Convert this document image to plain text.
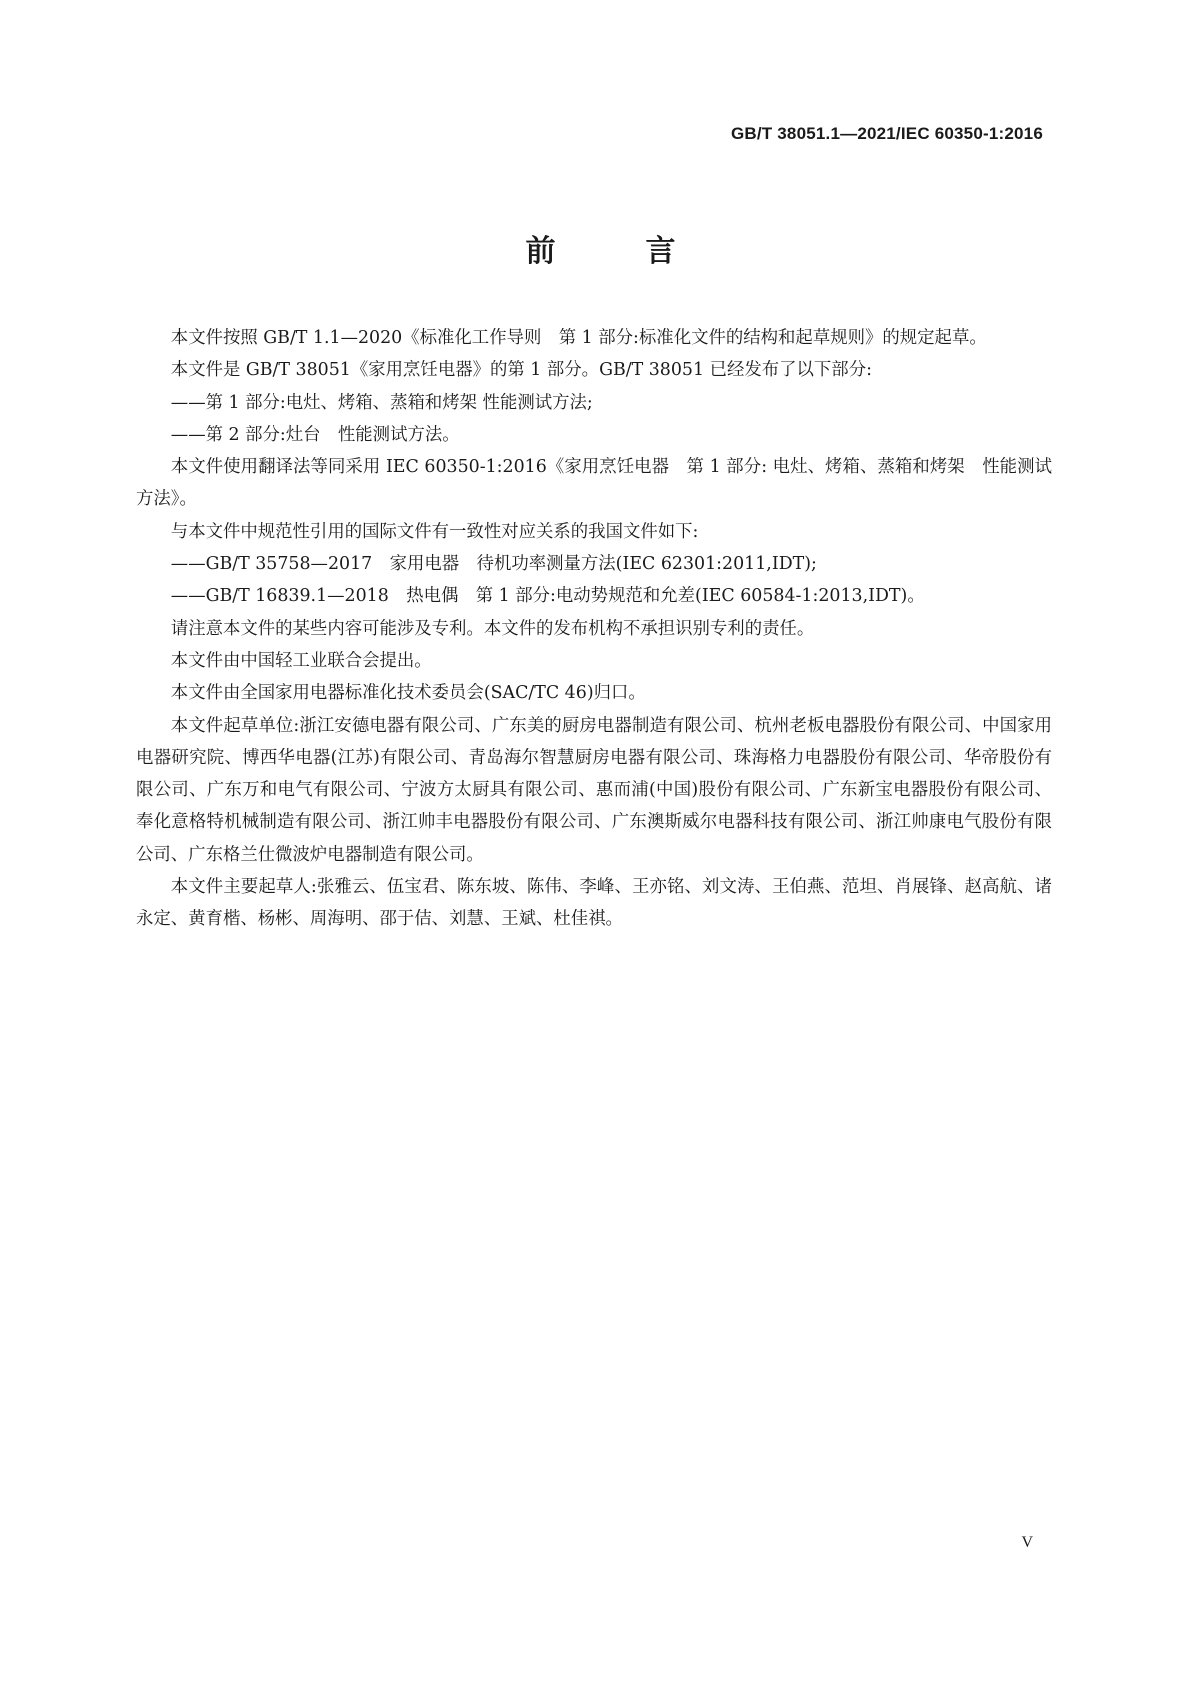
GB/T 38051.1—2021/IEC 60350-1:2016
前　言

本文件按照 GB/T 1.1—2020《标准化工作导则　第 1 部分:标准化文件的结构和起草规则》的规定起草。

本文件是 GB/T 38051《家用烹饪电器》的第 1 部分。GB/T 38051 已经发布了以下部分:

——第 1 部分:电灶、烤箱、蒸箱和烤架 性能测试方法;

——第 2 部分:灶台　性能测试方法。

本文件使用翻译法等同采用 IEC 60350-1:2016《家用烹饪电器　第 1 部分: 电灶、烤箱、蒸箱和烤架　性能测试方法》。

与本文件中规范性引用的国际文件有一致性对应关系的我国文件如下:

——GB/T 35758—2017　家用电器　待机功率测量方法(IEC 62301:2011,IDT);

——GB/T 16839.1—2018　热电偶　第 1 部分:电动势规范和允差(IEC 60584-1:2013,IDT)。

请注意本文件的某些内容可能涉及专利。本文件的发布机构不承担识别专利的责任。

本文件由中国轻工业联合会提出。

本文件由全国家用电器标准化技术委员会(SAC/TC 46)归口。

本文件起草单位:浙江安德电器有限公司、广东美的厨房电器制造有限公司、杭州老板电器股份有限公司、中国家用电器研究院、博西华电器(江苏)有限公司、青岛海尔智慧厨房电器有限公司、珠海格力电器股份有限公司、华帝股份有限公司、广东万和电气有限公司、宁波方太厨具有限公司、惠而浦(中国)股份有限公司、广东新宝电器股份有限公司、奉化意格特机械制造有限公司、浙江帅丰电器股份有限公司、广东澳斯威尔电器科技有限公司、浙江帅康电气股份有限公司、广东格兰仕微波炉电器制造有限公司。

本文件主要起草人:张雅云、伍宝君、陈东坡、陈伟、李峰、王亦铭、刘文涛、王伯燕、范坦、肖展锋、赵高航、诸永定、黄育楷、杨彬、周海明、邵于佶、刘慧、王斌、杜佳祺。

V
